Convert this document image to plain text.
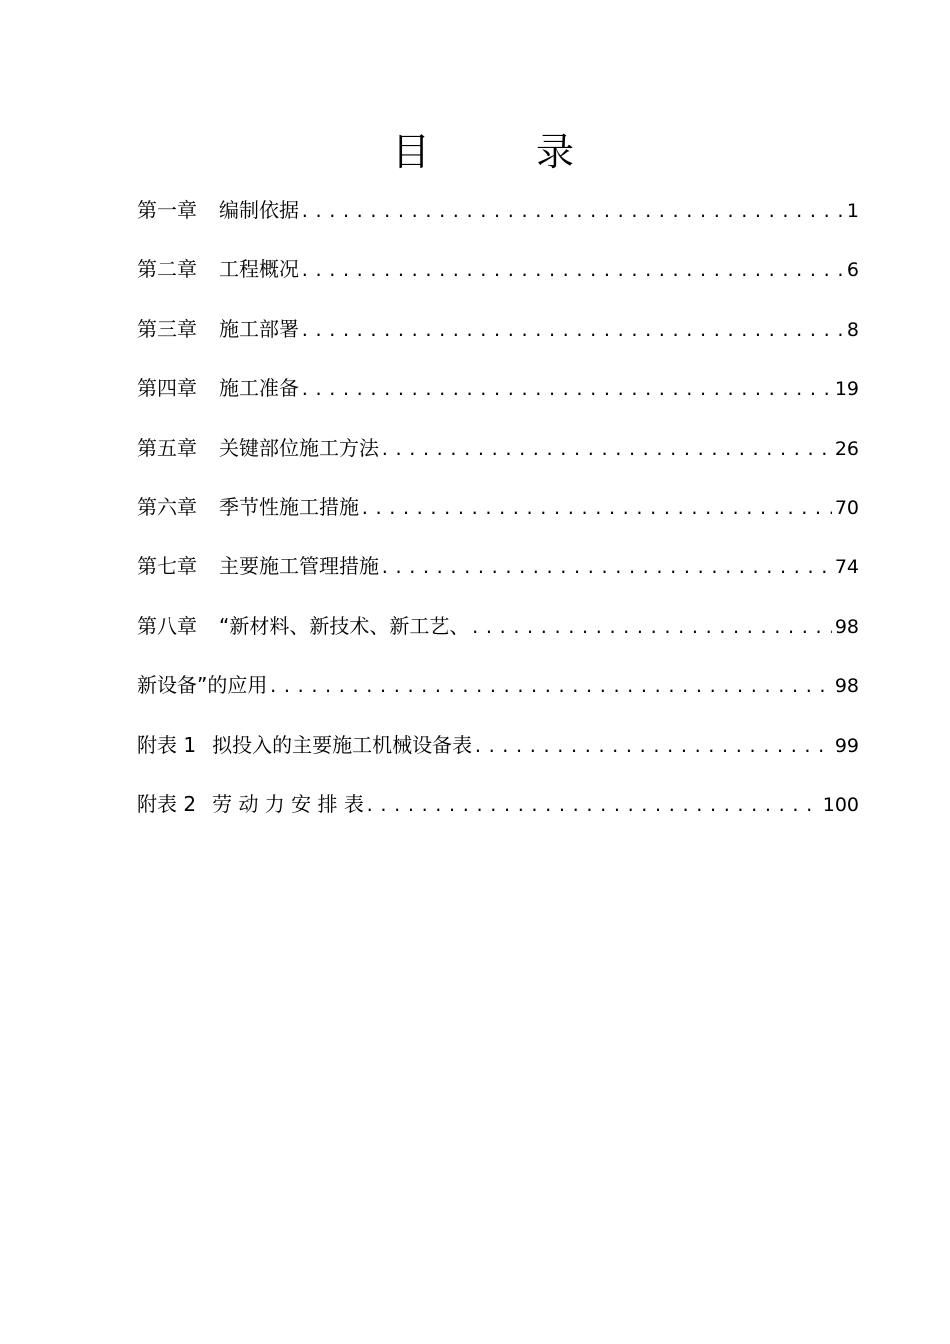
目　录
第一章 编制依据 .....	1
第二章 工程概况 .....	6
第三章 施工部署 .....	8
第四章 施工准备 .....	19
第五章 关键部位施工方法 .....	26
第六章 季节性施工措施 .....	70
第七章 主要施工管理措施 .....	74
第八章 “新材料、新技术、新工艺、 .....	98
新设备”的应用 .....	98
附表 1 拟投入的主要施工机械设备表 .....	99
附表 2 劳 动 力 安 排 表 .....	100
